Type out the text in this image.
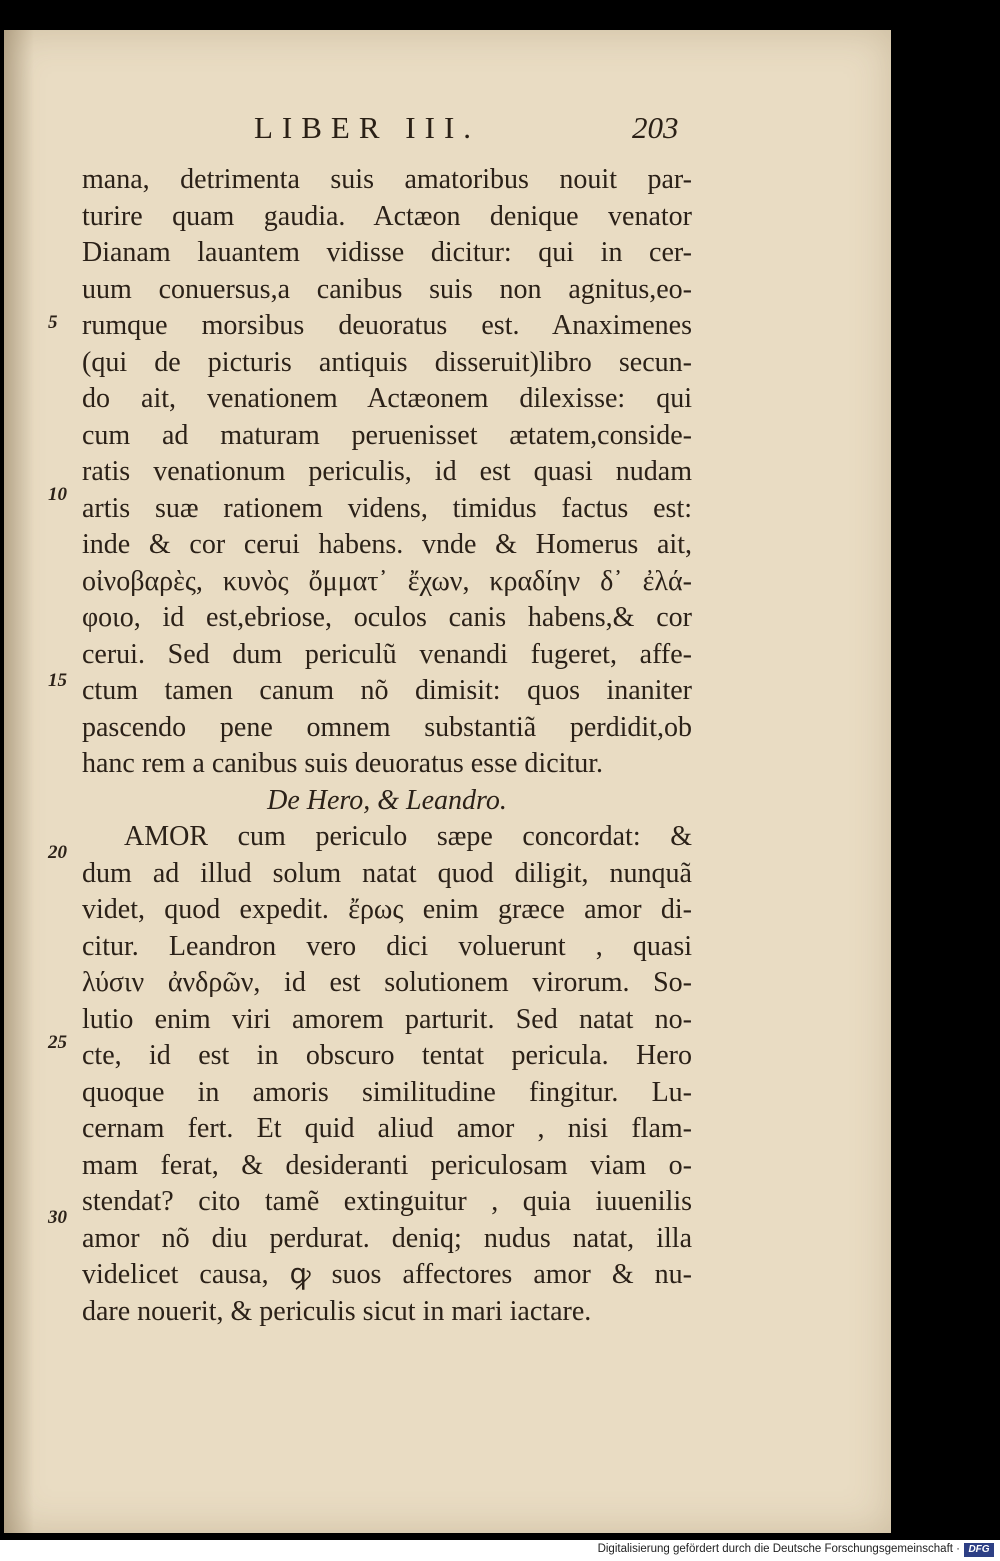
LIBER III.	203
5
10
15
20
25
30
mana, detrimenta suis amatoribus nouit par-
turire quam gaudia. Actæon denique venator
Dianam lauantem vidisse dicitur: qui in cer-
uum conuersus,a canibus suis non agnitus,eo-
rumque morsibus deuoratus est. Anaximenes
(qui de picturis antiquis disseruit)libro secun-
do ait, venationem Actæonem dilexisse: qui
cum ad maturam peruenisset ætatem,conside-
ratis venationum periculis, id est quasi nudam
artis suæ rationem videns, timidus factus est:
inde & cor cerui habens. vnde & Homerus ait,
οἰνοβαρὲς, κυνὸς ὄμματ᾽ ἔχων, κραδίην δ᾽ ἐλά-
φοιο, id est,ebriose, oculos canis habens,& cor
cerui. Sed dum periculũ venandi fugeret, affe-
ctum tamen canum nõ dimisit: quos inaniter
pascendo pene omnem substantiã perdidit,ob
hanc rem a canibus suis deuoratus esse dicitur.
De Hero, & Leandro.
AMOR cum periculo sæpe concordat: &
dum ad illud solum natat quod diligit, nunquã
videt, quod expedit. ἔρως enim græce amor di-
citur. Leandron vero dici voluerunt , quasi
λύσιν ἀνδρῶν, id est solutionem virorum. So-
lutio enim viri amorem parturit. Sed natat no-
cte, id est in obscuro tentat pericula. Hero
quoque in amoris similitudine fingitur. Lu-
cernam fert. Et quid aliud amor , nisi flam-
mam ferat, & desideranti periculosam viam o-
stendat? cito tamẽ extinguitur , quia iuuenilis
amor nõ diu perdurat. deniq; nudus natat, illa
videlicet causa, ꝙ suos affectores amor & nu-
dare nouerit, & periculis sicut in mari iactare.
Digitalisierung gefördert durch die Deutsche Forschungsgemeinschaft · DFG
